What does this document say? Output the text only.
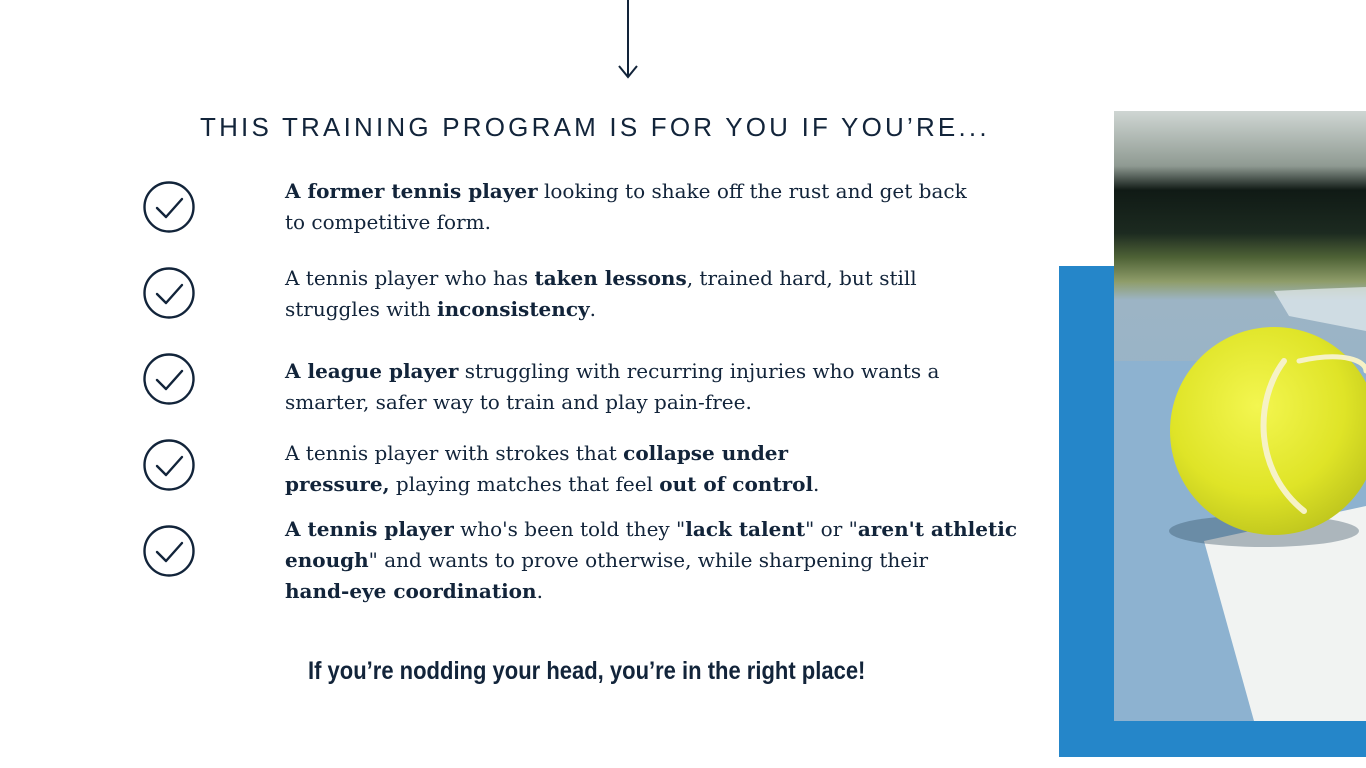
THIS TRAINING PROGRAM IS FOR YOU IF YOU’RE...
A former tennis player looking to shake off the rust and get back
to competitive form.
A tennis player who has taken lessons, trained hard, but still
struggles with inconsistency.
A league player struggling with recurring injuries who wants a
smarter, safer way to train and play pain-free.
A tennis player with strokes that collapse under
pressure, playing matches that feel out of control.
A tennis player who's been told they "lack talent" or "aren't athletic
enough" and wants to prove otherwise, while sharpening their
hand-eye coordination.
If you’re nodding your head, you’re in the right place!
